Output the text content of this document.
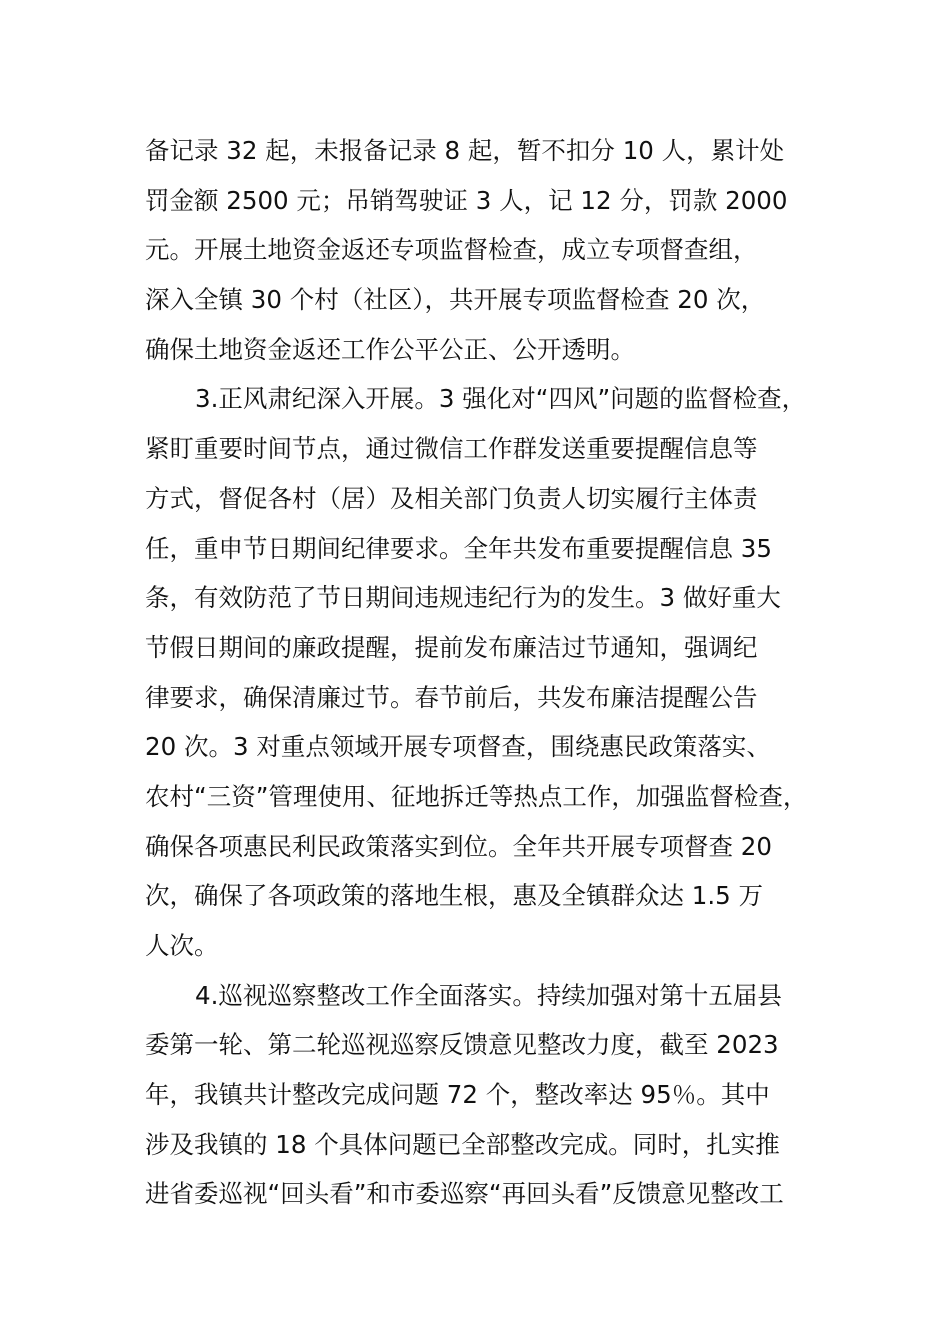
备记录 32 起，未报备记录 8 起，暂不扣分 10 人，累计处
罚金额 2500 元；吊销驾驶证 3 人，记 12 分，罚款 2000
元。开展土地资金返还专项监督检查，成立专项督查组，
深入全镇 30 个村（社区），共开展专项监督检查 20 次，
确保土地资金返还工作公平公正、公开透明。
3.正风肃纪深入开展。3 强化对“四风”问题的监督检查，
紧盯重要时间节点，通过微信工作群发送重要提醒信息等
方式，督促各村（居）及相关部门负责人切实履行主体责
任，重申节日期间纪律要求。全年共发布重要提醒信息 35
条，有效防范了节日期间违规违纪行为的发生。3 做好重大
节假日期间的廉政提醒，提前发布廉洁过节通知，强调纪
律要求，确保清廉过节。春节前后，共发布廉洁提醒公告
20 次。3 对重点领域开展专项督查，围绕惠民政策落实、
农村“三资”管理使用、征地拆迁等热点工作，加强监督检查，
确保各项惠民利民政策落实到位。全年共开展专项督查 20
次，确保了各项政策的落地生根，惠及全镇群众达 1.5 万
人次。
4.巡视巡察整改工作全面落实。持续加强对第十五届县
委第一轮、第二轮巡视巡察反馈意见整改力度，截至 2023
年，我镇共计整改完成问题 72 个，整改率达 95％。其中
涉及我镇的 18 个具体问题已全部整改完成。同时，扎实推
进省委巡视“回头看”和市委巡察“再回头看”反馈意见整改工
